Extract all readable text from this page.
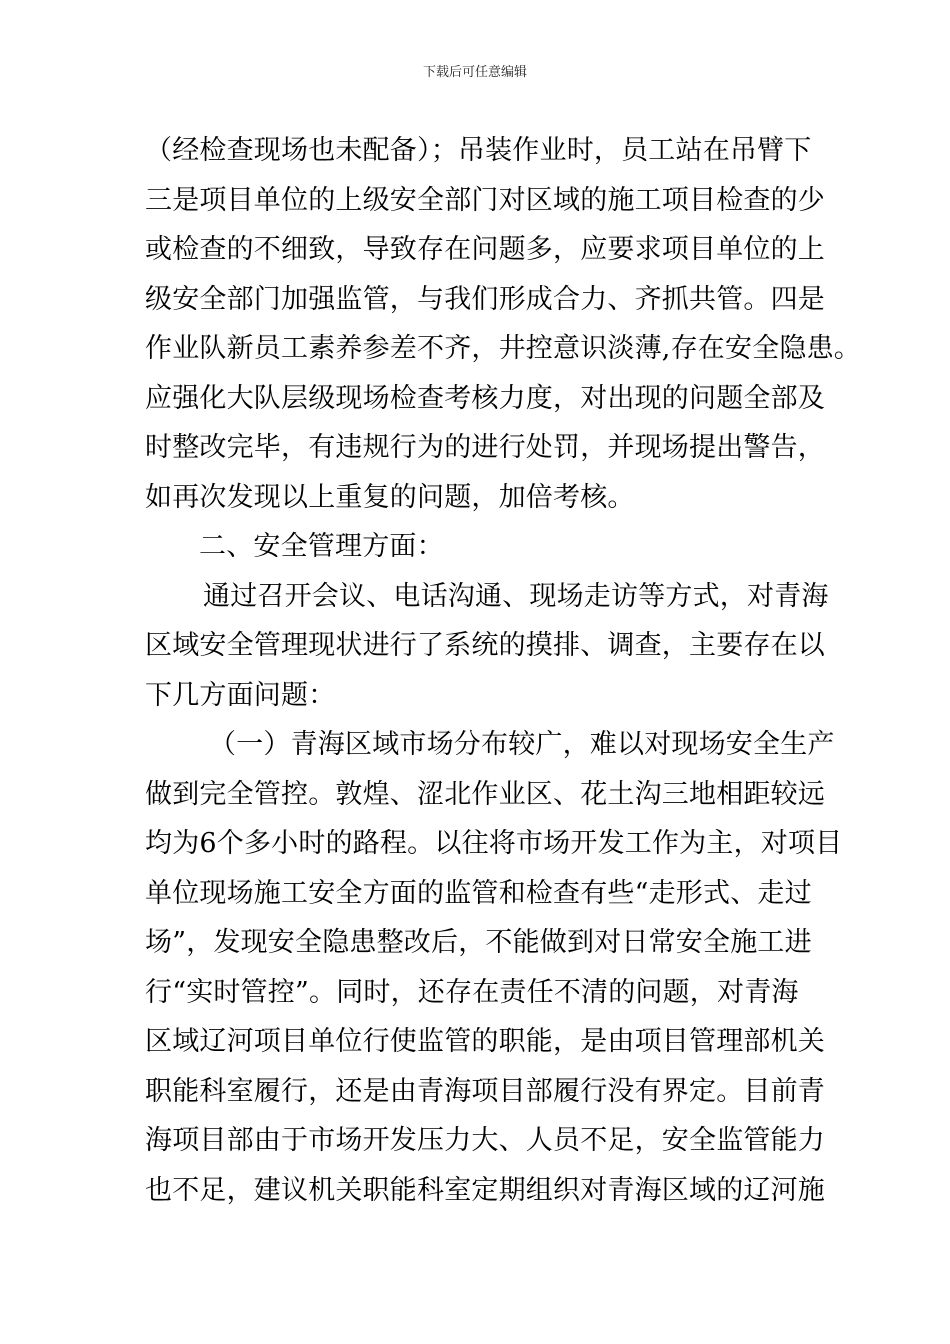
下载后可任意编辑
（经检查现场也未配备）；吊装作业时，员工站在吊臂下
三是项目单位的上级安全部门对区域的施工项目检查的少
或检查的不细致，导致存在问题多，应要求项目单位的上
级安全部门加强监管，与我们形成合力、齐抓共管。四是
作业队新员工素养参差不齐，井控意识淡薄,存在安全隐患。
应强化大队层级现场检查考核力度，对出现的问题全部及
时整改完毕，有违规行为的进行处罚，并现场提出警告，
如再次发现以上重复的问题，加倍考核。
二、安全管理方面：
通过召开会议、电话沟通、现场走访等方式，对青海
区域安全管理现状进行了系统的摸排、调查，主要存在以
下几方面问题：
（一）青海区域市场分布较广，难以对现场安全生产
做到完全管控。敦煌、涩北作业区、花土沟三地相距较远
均为6个多小时的路程。以往将市场开发工作为主，对项目
单位现场施工安全方面的监管和检查有些“走形式、走过
场”，发现安全隐患整改后，不能做到对日常安全施工进
行“实时管控”。同时，还存在责任不清的问题，对青海
区域辽河项目单位行使监管的职能，是由项目管理部机关
职能科室履行，还是由青海项目部履行没有界定。目前青
海项目部由于市场开发压力大、人员不足，安全监管能力
也不足，建议机关职能科室定期组织对青海区域的辽河施
